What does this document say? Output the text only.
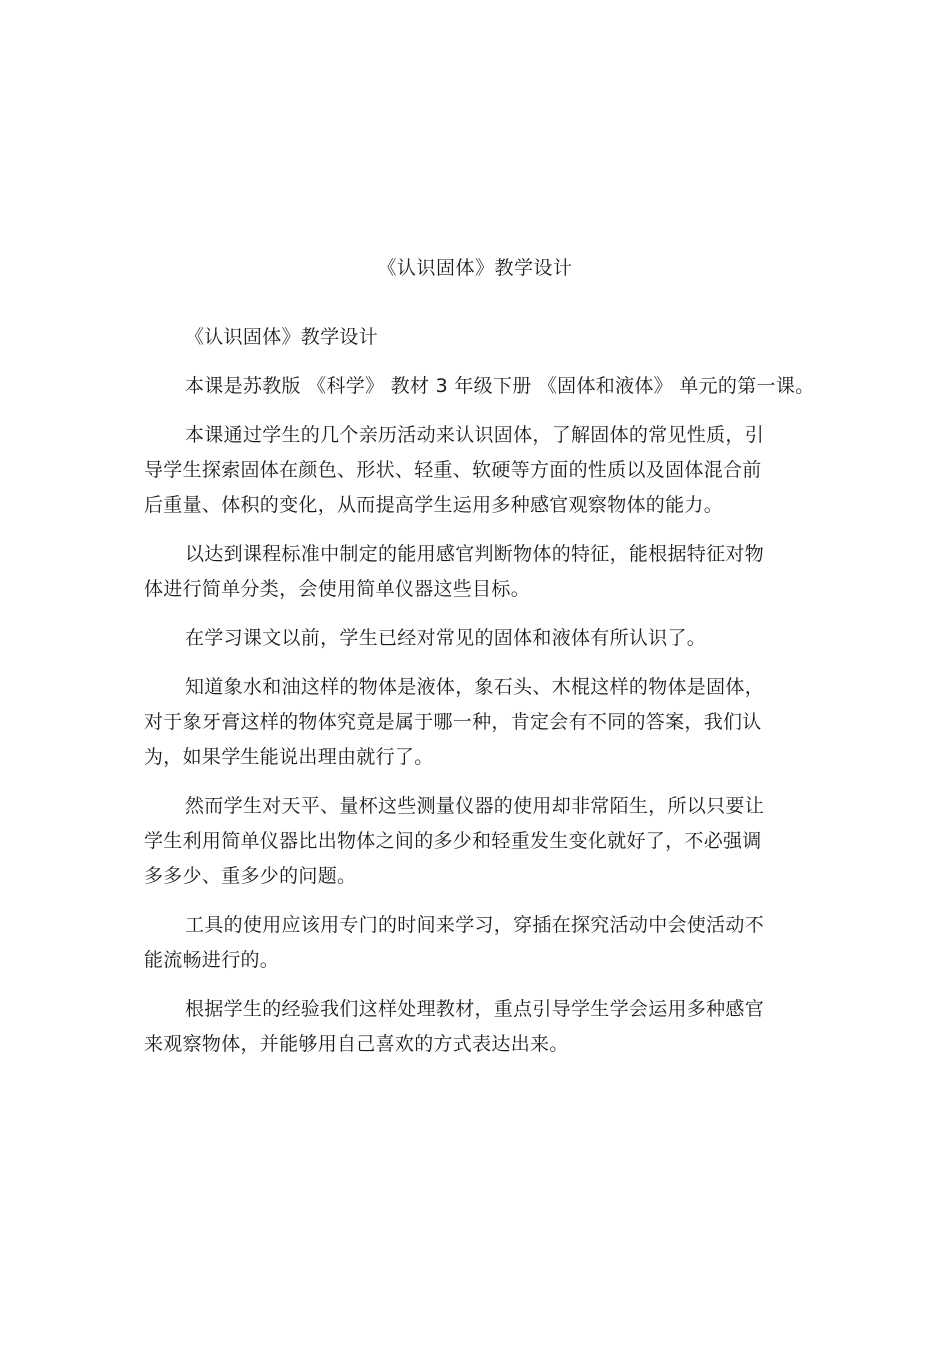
《认识固体》教学设计
《认识固体》教学设计
本课是苏教版 《科学》 教材 3 年级下册 《固体和液体》 单元的第一课。
本课通过学生的几个亲历活动来认识固体，了解固体的常见性质，引
导学生探索固体在颜色、形状、轻重、软硬等方面的性质以及固体混合前
后重量、体积的变化，从而提高学生运用多种感官观察物体的能力。
以达到课程标准中制定的能用感官判断物体的特征，能根据特征对物
体进行简单分类，会使用简单仪器这些目标。
在学习课文以前，学生已经对常见的固体和液体有所认识了。
知道象水和油这样的物体是液体，象石头、木棍这样的物体是固体，
对于象牙膏这样的物体究竟是属于哪一种，肯定会有不同的答案，我们认
为，如果学生能说出理由就行了。
然而学生对天平、量杯这些测量仪器的使用却非常陌生，所以只要让
学生利用简单仪器比出物体之间的多少和轻重发生变化就好了，不必强调
多多少、重多少的问题。
工具的使用应该用专门的时间来学习，穿插在探究活动中会使活动不
能流畅进行的。
根据学生的经验我们这样处理教材，重点引导学生学会运用多种感官
来观察物体，并能够用自己喜欢的方式表达出来。
